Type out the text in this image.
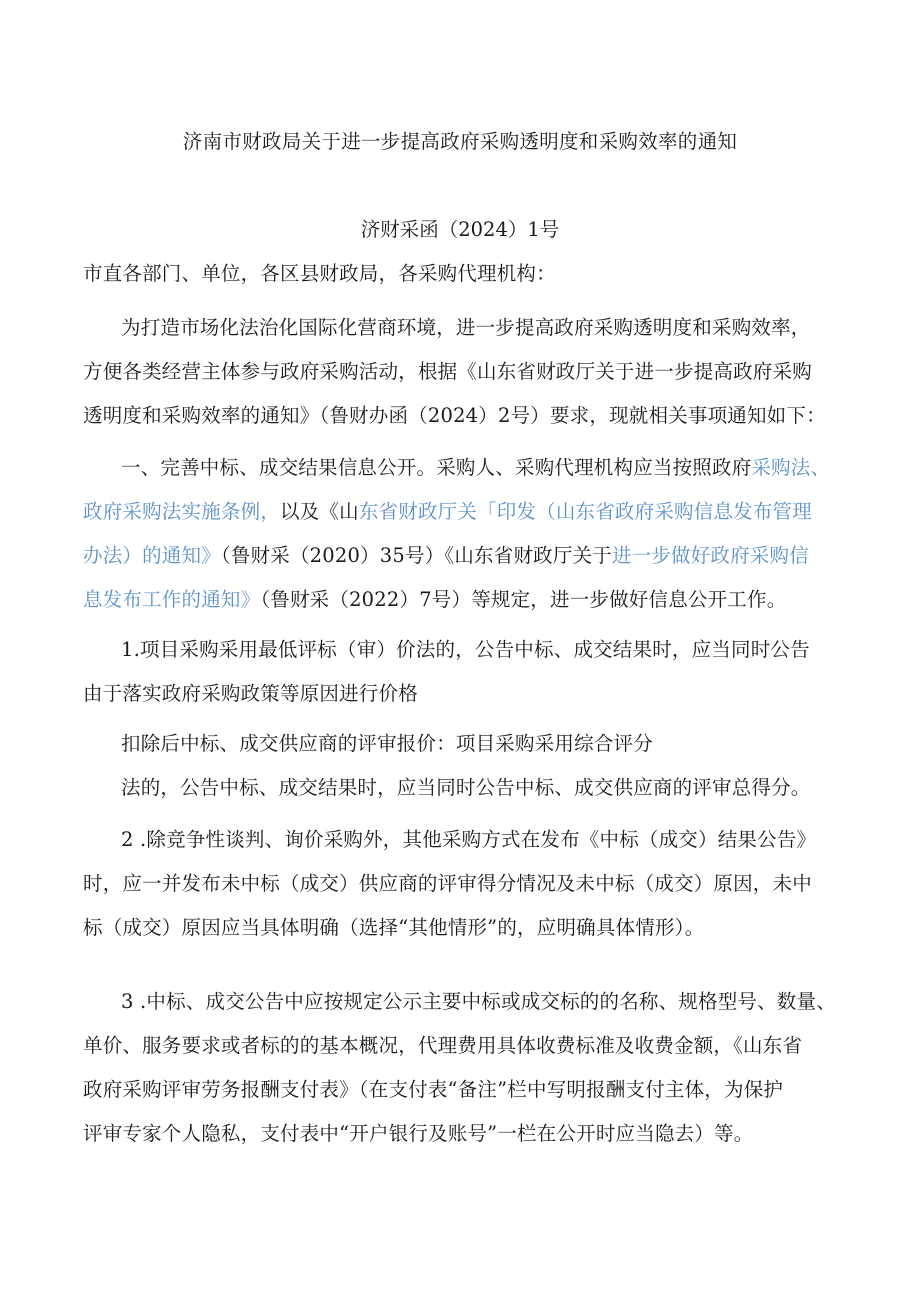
济南市财政局关于进一步提高政府采购透明度和采购效率的通知
济财采函（2024）1号
市直各部门、单位，各区县财政局，各采购代理机构：
为打造市场化法治化国际化营商环境，进一步提高政府采购透明度和采购效率，
方便各类经营主体参与政府采购活动，根据《山东省财政厅关于进一步提高政府采购
透明度和采购效率的通知》（鲁财办函（2024）2号）要求，现就相关事项通知如下：
一、完善中标、成交结果信息公开。采购人、采购代理机构应当按照政府采购法、
政府采购法实施条例，以及《山东省财政厅关「印发（山东省政府采购信息发布管理
办法）的通知》（鲁财采（2020）35号）《山东省财政厅关于进一步做好政府采购信
息发布工作的通知》（鲁财采（2022）7号）等规定，进一步做好信息公开工作。
1.项目采购采用最低评标（审）价法的，公告中标、成交结果时，应当同时公告
由于落实政府采购政策等原因进行价格
扣除后中标、成交供应商的评审报价：项目采购采用综合评分
法的，公告中标、成交结果时，应当同时公告中标、成交供应商的评审总得分。
2 .除竞争性谈判、询价采购外，其他采购方式在发布《中标（成交）结果公告》
时，应一并发布未中标（成交）供应商的评审得分情况及未中标（成交）原因，未中
标（成交）原因应当具体明确（选择“其他情形”的，应明确具体情形）。
3 .中标、成交公告中应按规定公示主要中标或成交标的的名称、规格型号、数量、
单价、服务要求或者标的的基本概况，代理费用具体收费标准及收费金额，《山东省
政府采购评审劳务报酬支付表》（在支付表“备注”栏中写明报酬支付主体，为保护
评审专家个人隐私，支付表中“开户银行及账号”一栏在公开时应当隐去）等。
